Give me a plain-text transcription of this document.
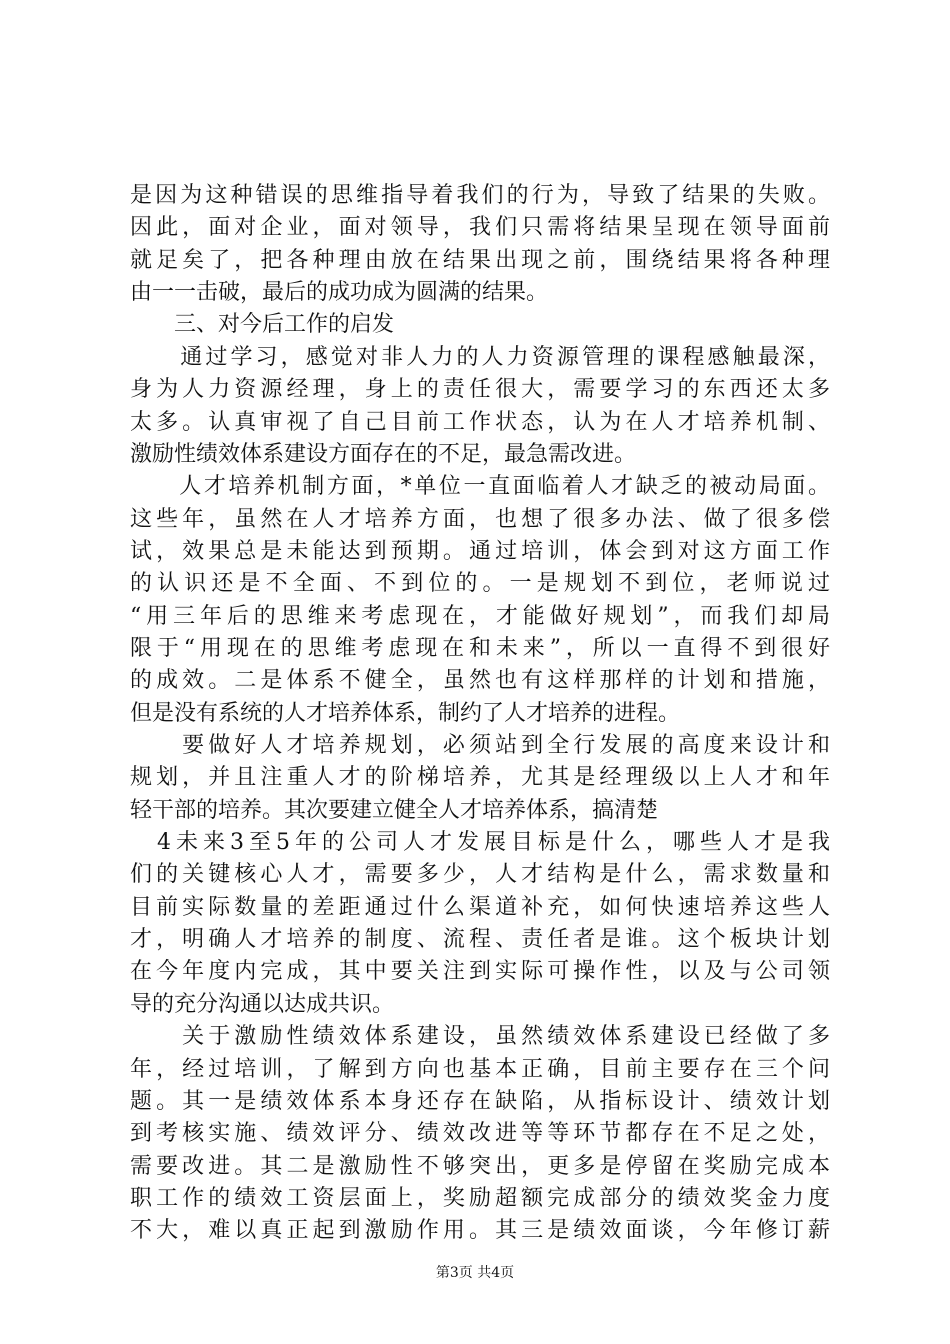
是因为这种错误的思维指导着我们的行为，导致了结果的失败。
因此，面对企业，面对领导，我们只需将结果呈现在领导面前
就足矣了，把各种理由放在结果出现之前，围绕结果将各种理
由一一击破，最后的成功成为圆满的结果。
　　三、对今后工作的启发
　　通过学习，感觉对非人力的人力资源管理的课程感触最深，
身为人力资源经理，身上的责任很大，需要学习的东西还太多
太多。认真审视了自己目前工作状态，认为在人才培养机制、
激励性绩效体系建设方面存在的不足，最急需改进。
　　人才培养机制方面，*单位一直面临着人才缺乏的被动局面。
这些年，虽然在人才培养方面，也想了很多办法、做了很多偿
试，效果总是未能达到预期。通过培训，体会到对这方面工作
的认识还是不全面、不到位的。一是规划不到位，老师说过
“用三年后的思维来考虑现在，才能做好规划”，而我们却局
限于“用现在的思维考虑现在和未来”，所以一直得不到很好
的成效。二是体系不健全，虽然也有这样那样的计划和措施，
但是没有系统的人才培养体系，制约了人才培养的进程。
　　要做好人才培养规划，必须站到全行发展的高度来设计和
规划，并且注重人才的阶梯培养，尤其是经理级以上人才和年
轻干部的培养。其次要建立健全人才培养体系，搞清楚
　4未来3至5年的公司人才发展目标是什么，哪些人才是我
们的关键核心人才，需要多少，人才结构是什么，需求数量和
目前实际数量的差距通过什么渠道补充，如何快速培养这些人
才，明确人才培养的制度、流程、责任者是谁。这个板块计划
在今年度内完成，其中要关注到实际可操作性，以及与公司领
导的充分沟通以达成共识。
　　关于激励性绩效体系建设，虽然绩效体系建设已经做了多
年，经过培训，了解到方向也基本正确，目前主要存在三个问
题。其一是绩效体系本身还存在缺陷，从指标设计、绩效计划
到考核实施、绩效评分、绩效改进等等环节都存在不足之处，
需要改进。其二是激励性不够突出，更多是停留在奖励完成本
职工作的绩效工资层面上，奖励超额完成部分的绩效奖金力度
不大，难以真正起到激励作用。其三是绩效面谈，今年修订薪
第3页 共4页
